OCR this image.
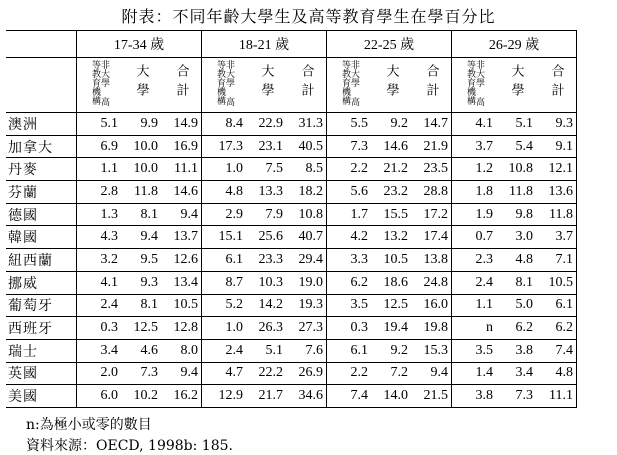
附表：不同年齡大學生及高等教育學生在學百分比
	17-34 歲			18-21 歲			22-25 歲			26-29 歲		
	非大學 高等教育機構	大學	合計	非大學 高等教育機構	大學	合計	非大學 高等教育機構	大學	合計	非大學 高等教育機構	大學	合計
澳洲	5.1	9.9	14.9	8.4	22.9	31.3	5.5	9.2	14.7	4.1	5.1	9.3
加拿大	6.9	10.0	16.9	17.3	23.1	40.5	7.3	14.6	21.9	3.7	5.4	9.1
丹麥	1.1	10.0	11.1	1.0	7.5	8.5	2.2	21.2	23.5	1.2	10.8	12.1
芬蘭	2.8	11.8	14.6	4.8	13.3	18.2	5.6	23.2	28.8	1.8	11.8	13.6
德國	1.3	8.1	9.4	2.9	7.9	10.8	1.7	15.5	17.2	1.9	9.8	11.8
韓國	4.3	9.4	13.7	15.1	25.6	40.7	4.2	13.2	17.4	0.7	3.0	3.7
紐西蘭	3.2	9.5	12.6	6.1	23.3	29.4	3.3	10.5	13.8	2.3	4.8	7.1
挪威	4.1	9.3	13.4	8.7	10.3	19.0	6.2	18.6	24.8	2.4	8.1	10.5
葡萄牙	2.4	8.1	10.5	5.2	14.2	19.3	3.5	12.5	16.0	1.1	5.0	6.1
西班牙	0.3	12.5	12.8	1.0	26.3	27.3	0.3	19.4	19.8	n	6.2	6.2
瑞士	3.4	4.6	8.0	2.4	5.1	7.6	6.1	9.2	15.3	3.5	3.8	7.4
英國	2.0	7.3	9.4	4.7	22.2	26.9	2.2	7.2	9.4	1.4	3.4	4.8
美國	6.0	10.2	16.2	12.9	21.7	34.6	7.4	14.0	21.5	3.8	7.3	11.1
n:為極小或零的數目
資料來源：OECD, 1998b: 185.
